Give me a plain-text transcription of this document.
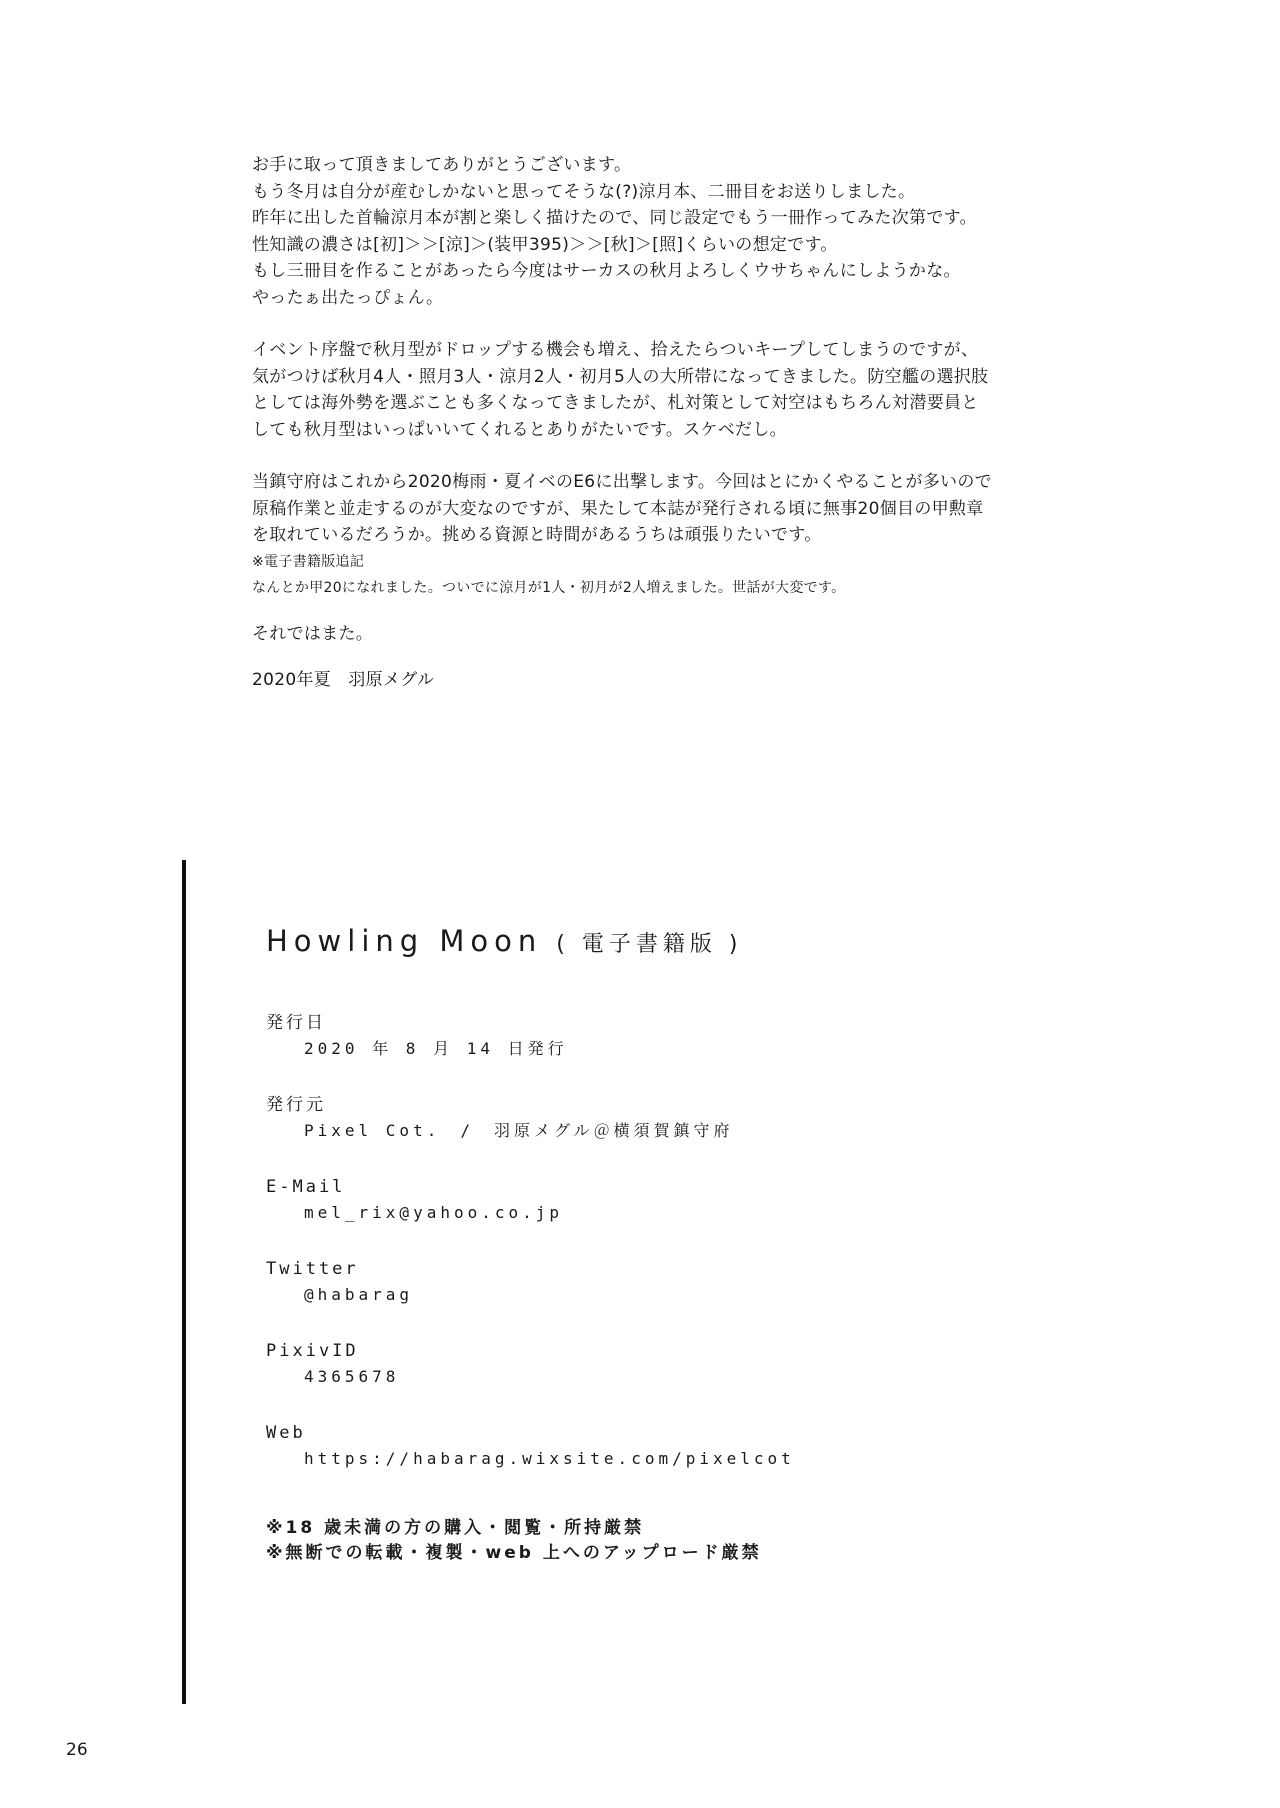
お手に取って頂きましてありがとうございます。

もう冬月は自分が産むしかないと思ってそうな(?)涼月本、二冊目をお送りしました。

昨年に出した首輪涼月本が割と楽しく描けたので、同じ設定でもう一冊作ってみた次第です。

性知識の濃さは[初]＞＞[涼]＞(装甲395)＞＞[秋]＞[照]くらいの想定です。

もし三冊目を作ることがあったら今度はサーカスの秋月よろしくウサちゃんにしようかな。

やったぁ出たっぴょん。

イベント序盤で秋月型がドロップする機会も増え、拾えたらついキープしてしまうのですが、

気がつけば秋月4人・照月3人・涼月2人・初月5人の大所帯になってきました。防空艦の選択肢

としては海外勢を選ぶことも多くなってきましたが、札対策として対空はもちろん対潜要員と

しても秋月型はいっぱいいてくれるとありがたいです。スケベだし。

当鎮守府はこれから2020梅雨・夏イベのE6に出撃します。今回はとにかくやることが多いので

原稿作業と並走するのが大変なのですが、果たして本誌が発行される頃に無事20個目の甲勲章

を取れているだろうか。挑める資源と時間があるうちは頑張りたいです。

※電子書籍版追記

なんとか甲20になれました。ついでに涼月が1人・初月が2人増えました。世話が大変です。

それではまた。

2020年夏　羽原メグル

Howling Moon ( 電子書籍版 )
発行日
2020 年 8 月 14 日発行
発行元
Pixel Cot.　/　羽原メグル＠横須賀鎮守府
E-Mail
mel_rix@yahoo.co.jp
Twitter
@habarag
PixivID
4365678
Web
https://habarag.wixsite.com/pixelcot

※18 歳未満の方の購入・閲覧・所持厳禁

※無断での転載・複製・web 上へのアップロード厳禁

26
